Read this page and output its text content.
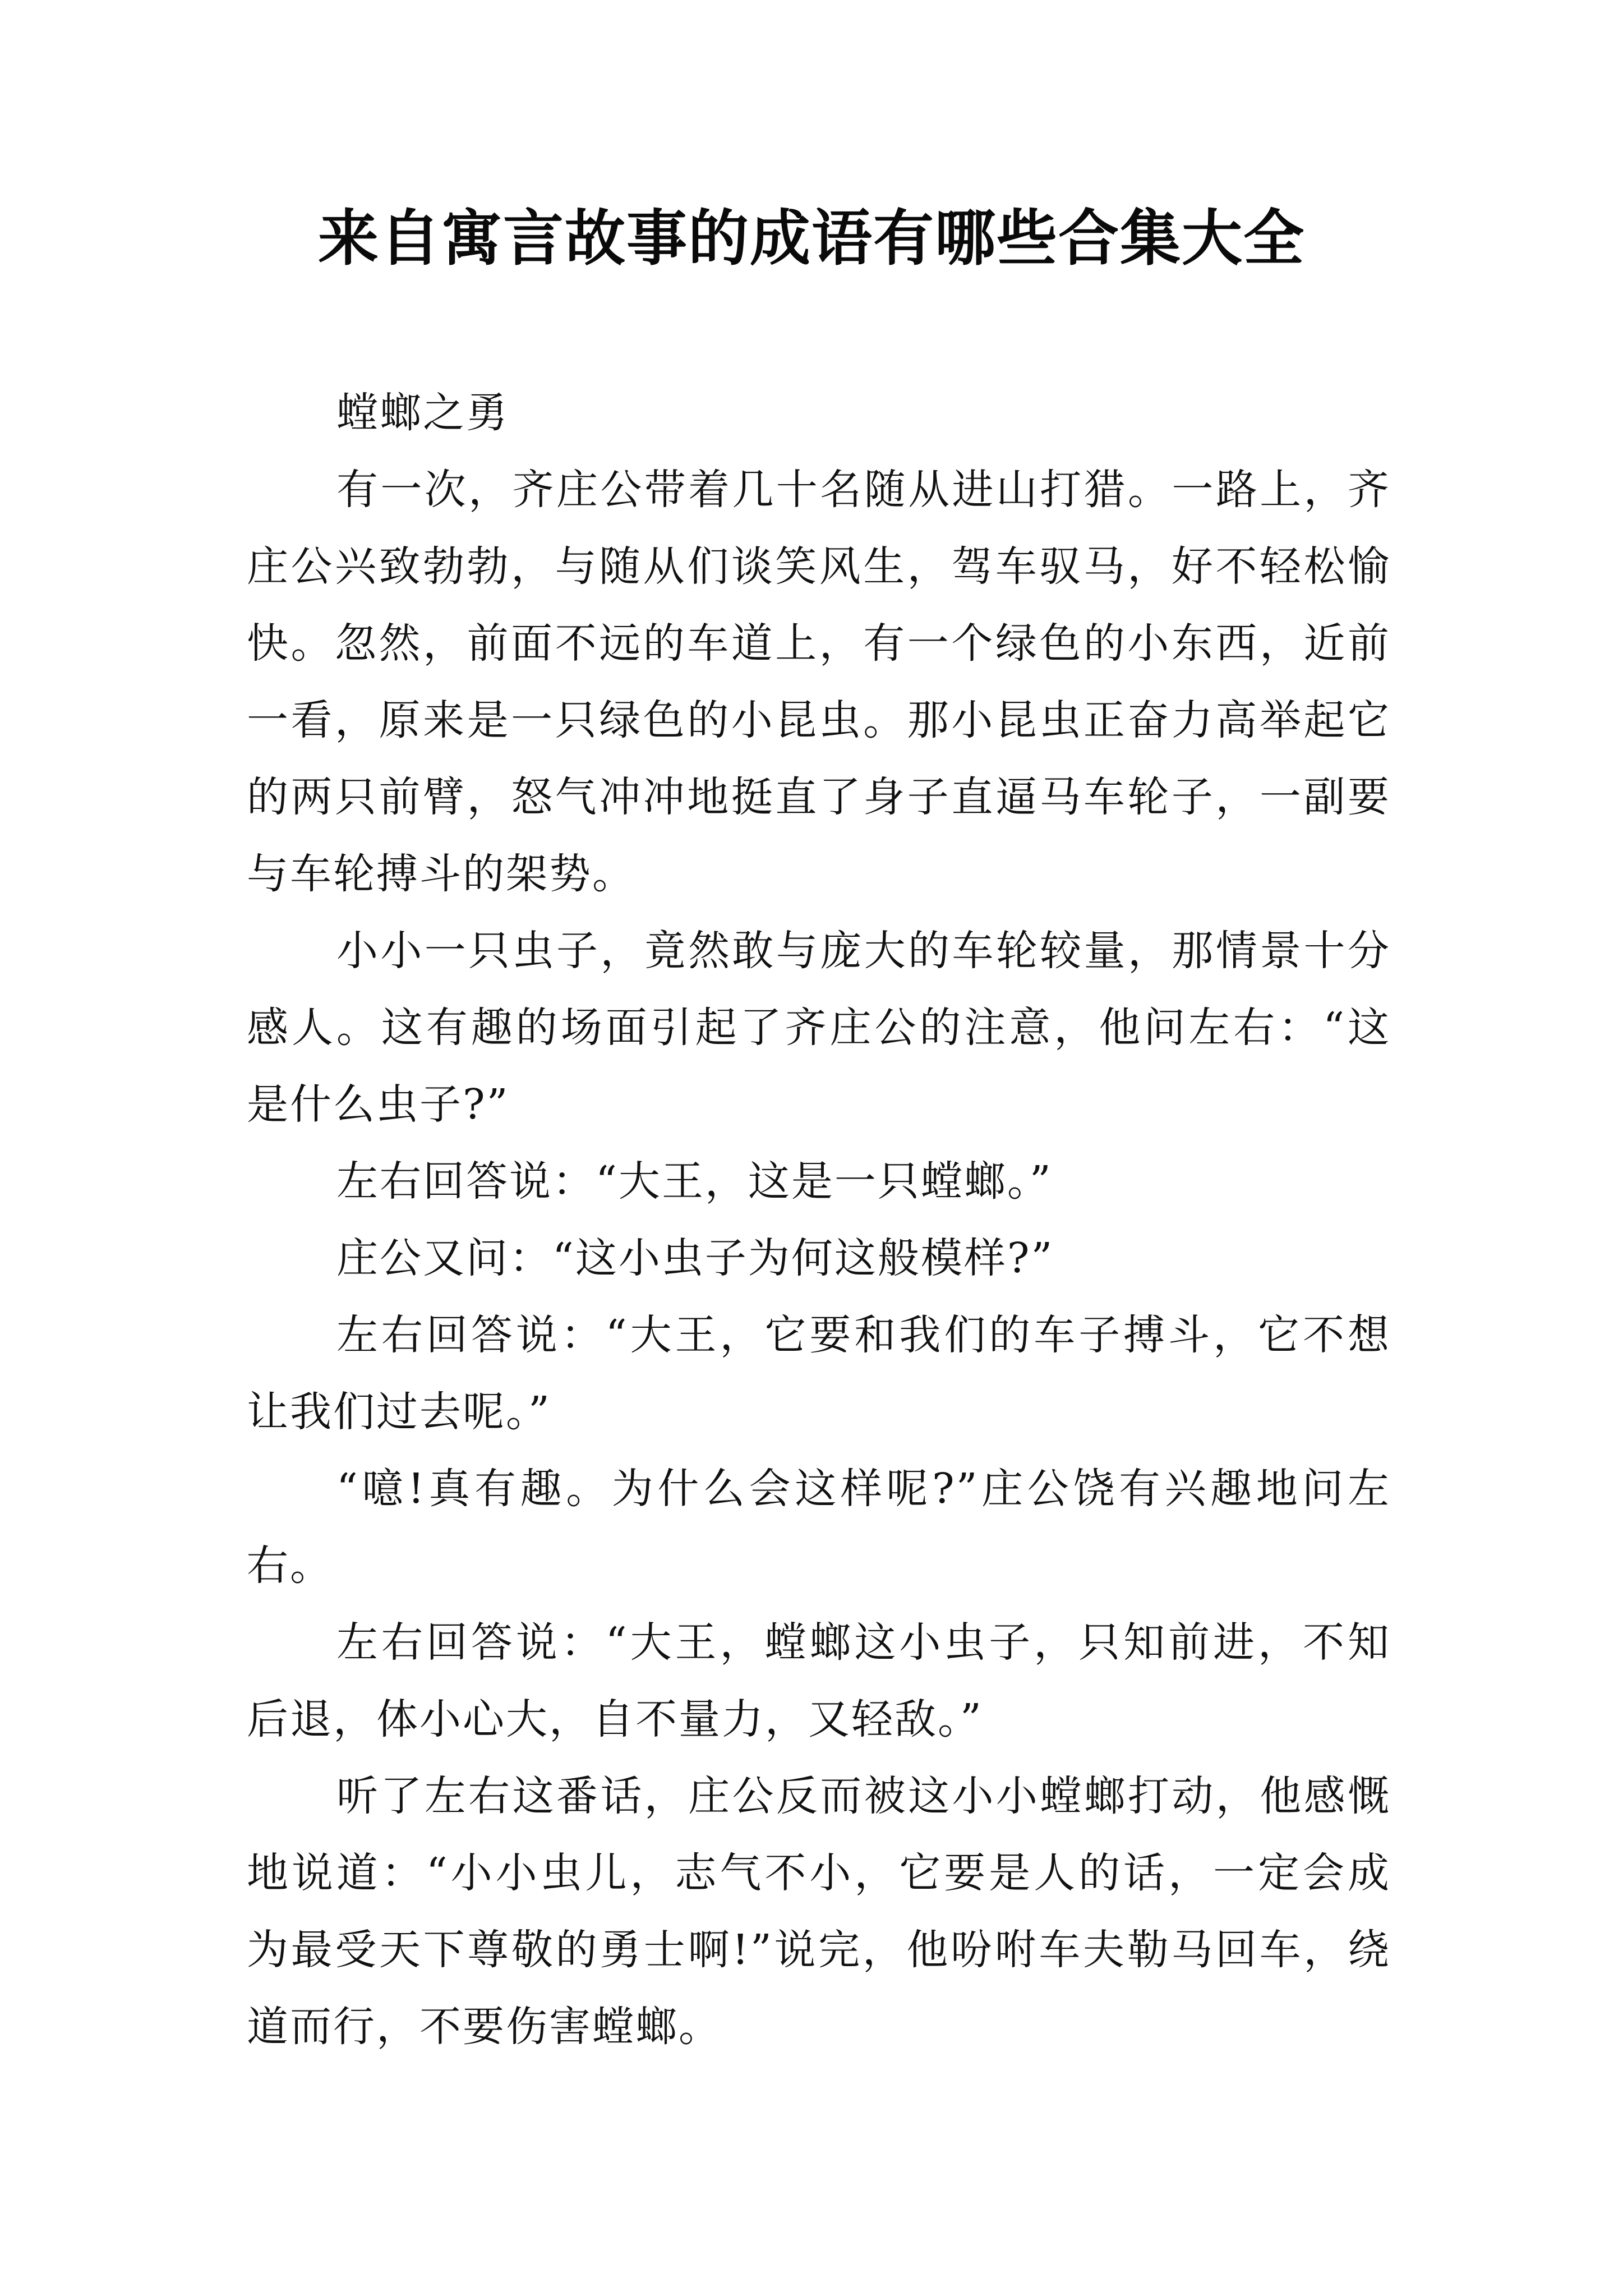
来自寓言故事的成语有哪些合集大全

螳螂之勇

有一次，齐庄公带着几十名随从进山打猎。一路上，齐庄公兴致勃勃，与随从们谈笑风生，驾车驭马，好不轻松愉快。忽然，前面不远的车道上，有一个绿色的小东西，近前一看，原来是一只绿色的小昆虫。那小昆虫正奋力高举起它的两只前臂，怒气冲冲地挺直了身子直逼马车轮子，一副要与车轮搏斗的架势。

小小一只虫子，竟然敢与庞大的车轮较量，那情景十分感人。这有趣的场面引起了齐庄公的注意，他问左右：“这是什么虫子?”

左右回答说：“大王，这是一只螳螂。”

庄公又问：“这小虫子为何这般模样?”

左右回答说：“大王，它要和我们的车子搏斗，它不想让我们过去呢。”

“噫!真有趣。为什么会这样呢?”庄公饶有兴趣地问左右。

左右回答说：“大王，螳螂这小虫子，只知前进，不知后退，体小心大，自不量力，又轻敌。”

听了左右这番话，庄公反而被这小小螳螂打动，他感慨地说道：“小小虫儿，志气不小，它要是人的话，一定会成为最受天下尊敬的勇士啊!”说完，他吩咐车夫勒马回车，绕道而行，不要伤害螳螂。
